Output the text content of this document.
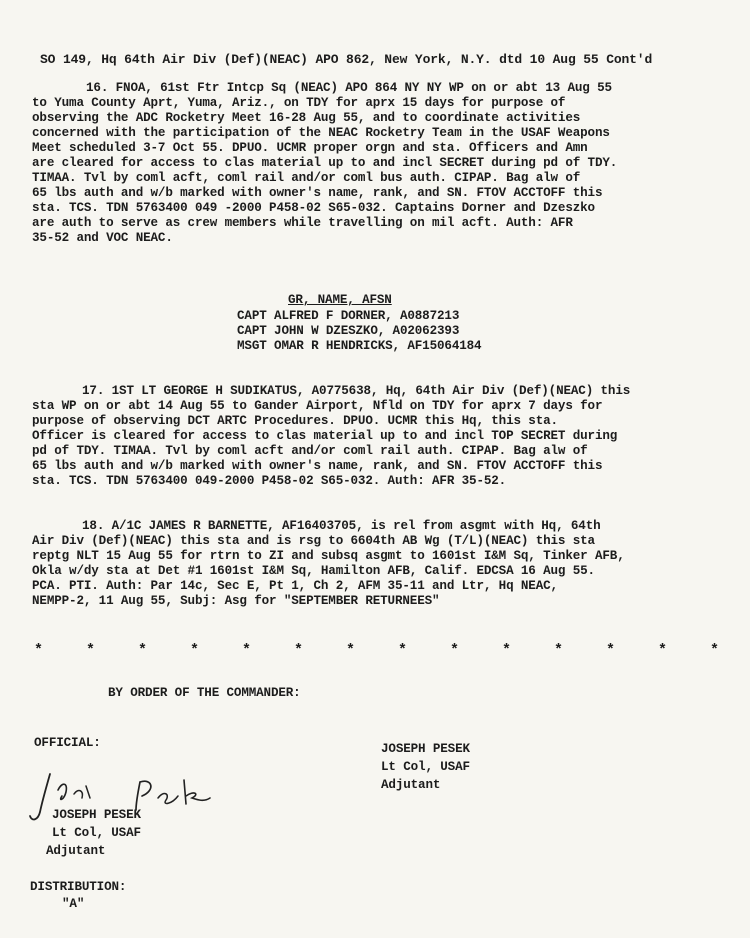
SO 149, Hq 64th Air Div (Def)(NEAC) APO 862, New York, N.Y. dtd 10 Aug 55 Cont'd
16. FNOA, 61st Ftr Intcp Sq (NEAC) APO 864 NY NY WP on or abt 13 Aug 55
to Yuma County Aprt, Yuma, Ariz., on TDY for aprx 15 days for purpose of
observing the ADC Rocketry Meet 16-28 Aug 55, and to coordinate activities
concerned with the participation of the NEAC Rocketry Team in the USAF Weapons
Meet scheduled 3-7 Oct 55. DPUO. UCMR proper orgn and sta. Officers and Amn
are cleared for access to clas material up to and incl SECRET during pd of TDY.
TIMAA. Tvl by coml acft, coml rail and/or coml bus auth. CIPAP. Bag alw of
65 lbs auth and w/b marked with owner's name, rank, and SN. FTOV ACCTOFF this
sta. TCS. TDN 5763400 049 -2000 P458-02 S65-032. Captains Dorner and Dzeszko
are auth to serve as crew members while travelling on mil acft. Auth: AFR
35-52 and VOC NEAC.
GR, NAME, AFSN
CAPT ALFRED F DORNER, A0887213
CAPT JOHN W DZESZKO, A02062393
MSGT OMAR R HENDRICKS, AF15064184
17. 1ST LT GEORGE H SUDIKATUS, A0775638, Hq, 64th Air Div (Def)(NEAC) this
sta WP on or abt 14 Aug 55 to Gander Airport, Nfld on TDY for aprx 7 days for
purpose of observing DCT ARTC Procedures. DPUO. UCMR this Hq, this sta.
Officer is cleared for access to clas material up to and incl TOP SECRET during
pd of TDY. TIMAA. Tvl by coml acft and/or coml rail auth. CIPAP. Bag alw of
65 lbs auth and w/b marked with owner's name, rank, and SN. FTOV ACCTOFF this
sta. TCS. TDN 5763400 049-2000 P458-02 S65-032. Auth: AFR 35-52.
18. A/1C JAMES R BARNETTE, AF16403705, is rel from asgmt with Hq, 64th
Air Div (Def)(NEAC) this sta and is rsg to 6604th AB Wg (T/L)(NEAC) this sta
reptg NLT 15 Aug 55 for rtrn to ZI and subsq asgmt to 1601st I&M Sq, Tinker AFB,
Okla w/dy sta at Det #1 1601st I&M Sq, Hamilton AFB, Calif. EDCSA 16 Aug 55.
PCA. PTI. Auth: Par 14c, Sec E, Pt 1, Ch 2, AFM 35-11 and Ltr, Hq NEAC,
NEMPP-2, 11 Aug 55, Subj: Asg for "SEPTEMBER RETURNEES"

*

	*

	*

	*

	*

	*

	*

	*

	*

	*

	*

	*

	*

	*

BY ORDER OF THE COMMANDER:
JOSEPH PESEK
Lt Col, USAF
Adjutant
OFFICIAL:
JOSEPH PESEK
Lt Col, USAF
Adjutant
DISTRIBUTION:
"A"
